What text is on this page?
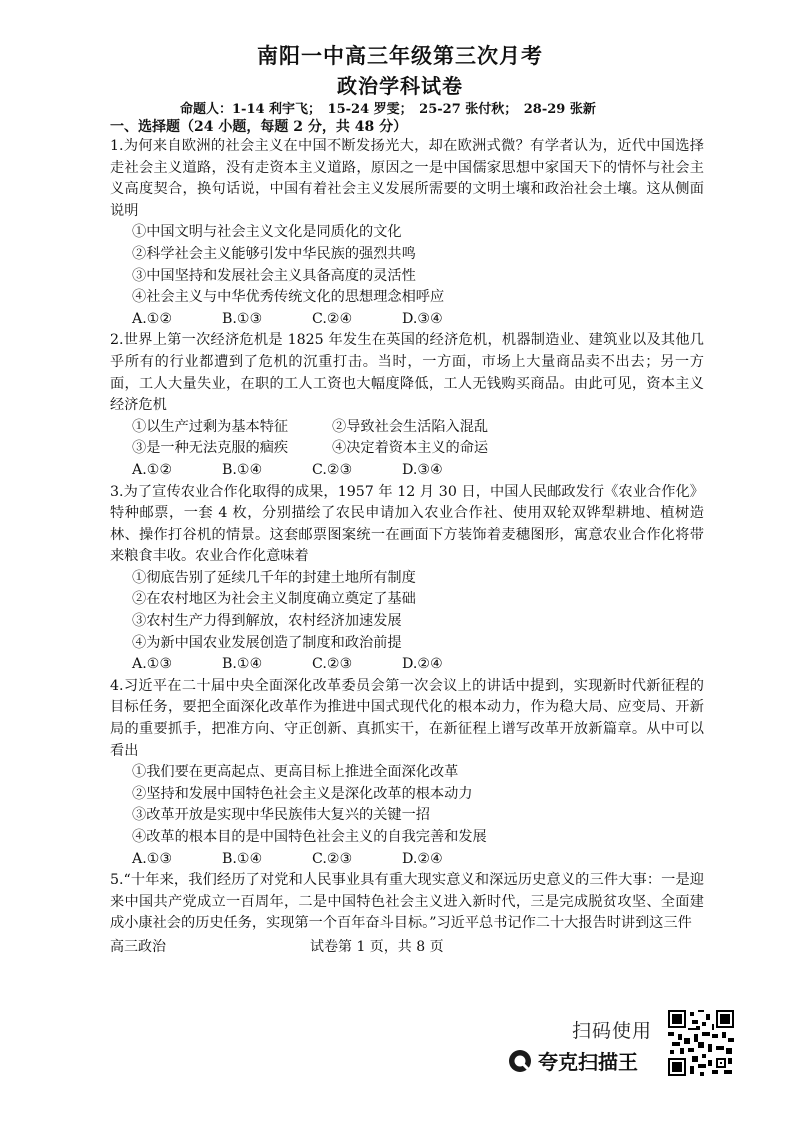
南阳一中高三年级第三次月考
政治学科试卷
命题人：1-14 利宇飞；　15-24 罗雯；　25-27 张付秋；　28-29 张新
一、选择题（24 小题，每题 2 分，共 48 分）

1.为何来自欧洲的社会主义在中国不断发扬光大，却在欧洲式微？有学者认为，近代中国选择走社会主义道路，没有走资本主义道路，原因之一是中国儒家思想中家国天下的情怀与社会主义高度契合，换句话说，中国有着社会主义发展所需要的文明土壤和政治社会土壤。这从侧面说明

①中国文明与社会主义文化是同质化的文化

②科学社会主义能够引发中华民族的强烈共鸣

③中国坚持和发展社会主义具备高度的灵活性

④社会主义与中华优秀传统文化的思想理念相呼应

A.①②	B.①③	C.②④	D.③④

2.世界上第一次经济危机是 1825 年发生在英国的经济危机，机器制造业、建筑业以及其他几乎所有的行业都遭到了危机的沉重打击。当时，一方面，市场上大量商品卖不出去；另一方面，工人大量失业，在职的工人工资也大幅度降低，工人无钱购买商品。由此可见，资本主义经济危机

①以生产过剩为基本特征	②导致社会生活陷入混乱

③是一种无法克服的痼疾	④决定着资本主义的命运

A.①②	B.①④	C.②③	D.③④

3.为了宣传农业合作化取得的成果，1957 年 12 月 30 日，中国人民邮政发行《农业合作化》特种邮票，一套 4 枚，分别描绘了农民申请加入农业合作社、使用双轮双铧犁耕地、植树造林、操作打谷机的情景。这套邮票图案统一在画面下方装饰着麦穗图形，寓意农业合作化将带来粮食丰收。农业合作化意味着

①彻底告别了延续几千年的封建土地所有制度

②在农村地区为社会主义制度确立奠定了基础

③农村生产力得到解放，农村经济加速发展

④为新中国农业发展创造了制度和政治前提

A.①③	B.①④	C.②③	D.②④

4.习近平在二十届中央全面深化改革委员会第一次会议上的讲话中提到，实现新时代新征程的目标任务，要把全面深化改革作为推进中国式现代化的根本动力，作为稳大局、应变局、开新局的重要抓手，把准方向、守正创新、真抓实干，在新征程上谱写改革开放新篇章。从中可以看出

①我们要在更高起点、更高目标上推进全面深化改革

②坚持和发展中国特色社会主义是深化改革的根本动力

③改革开放是实现中华民族伟大复兴的关键一招

④改革的根本目的是中国特色社会主义的自我完善和发展

A.①③	B.①④	C.②③	D.②④

5.“十年来，我们经历了对党和人民事业具有重大现实意义和深远历史意义的三件大事：一是迎来中国共产党成立一百周年，二是中国特色社会主义进入新时代，三是完成脱贫攻坚、全面建成小康社会的历史任务，实现第一个百年奋斗目标。”习近平总书记作二十大报告时讲到这三件

高三政治	试卷第 1 页，共 8 页
扫码使用
夸克扫描王
